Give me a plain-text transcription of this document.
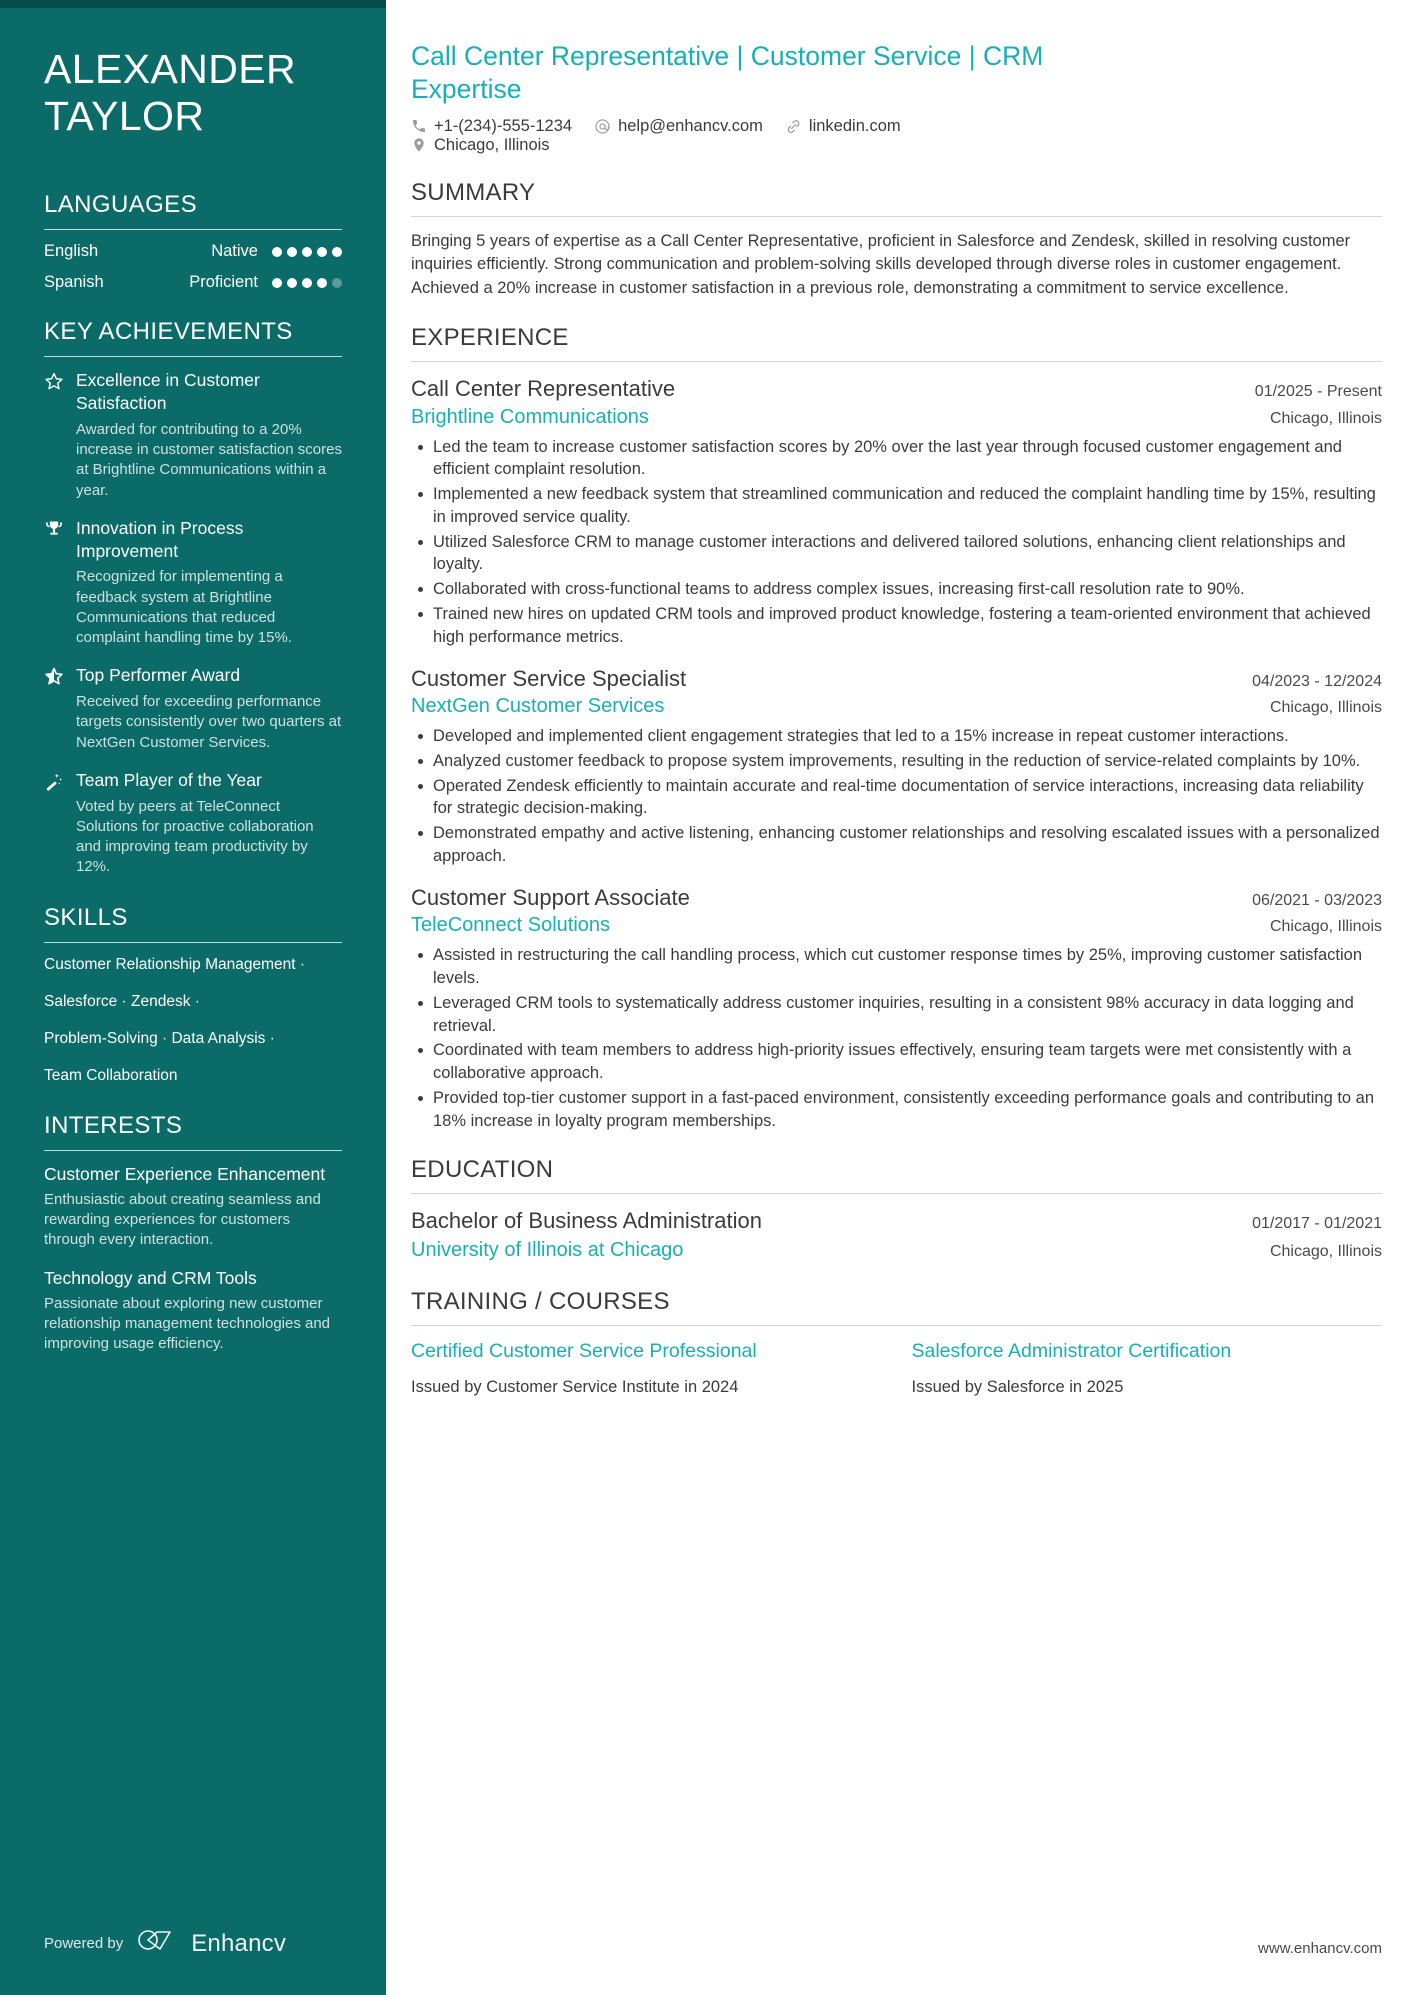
ALEXANDER TAYLOR
LANGUAGES
English	Native
Spanish	Proficient
KEY ACHIEVEMENTS
Excellence in Customer Satisfaction
Awarded for contributing to a 20% increase in customer satisfaction scores at Brightline Communications within a year.
Innovation in Process Improvement
Recognized for implementing a feedback system at Brightline Communications that reduced complaint handling time by 15%.
Top Performer Award
Received for exceeding performance targets consistently over two quarters at NextGen Customer Services.
Team Player of the Year
Voted by peers at TeleConnect Solutions for proactive collaboration and improving team productivity by 12%.
SKILLS
Customer Relationship Management ·
Salesforce · Zendesk ·
Problem-Solving · Data Analysis ·
Team Collaboration
INTERESTS
Customer Experience Enhancement
Enthusiastic about creating seamless and rewarding experiences for customers through every interaction.
Technology and CRM Tools
Passionate about exploring new customer relationship management technologies and improving usage efficiency.
Powered by	Enhancv
Call Center Representative | Customer Service | CRM Expertise
+1-(234)-555-1234	help@enhancv.com	linkedin.com
Chicago, Illinois
SUMMARY

Bringing 5 years of expertise as a Call Center Representative, proficient in Salesforce and Zendesk, skilled in resolving customer inquiries efficiently. Strong communication and problem-solving skills developed through diverse roles in customer engagement. Achieved a 20% increase in customer satisfaction in a previous role, demonstrating a commitment to service excellence.

EXPERIENCE
Call Center Representative	01/2025 - Present
Brightline Communications	Chicago, Illinois
Led the team to increase customer satisfaction scores by 20% over the last year through focused customer engagement and efficient complaint resolution.
Implemented a new feedback system that streamlined communication and reduced the complaint handling time by 15%, resulting in improved service quality.
Utilized Salesforce CRM to manage customer interactions and delivered tailored solutions, enhancing client relationships and loyalty.
Collaborated with cross-functional teams to address complex issues, increasing first-call resolution rate to 90%.
Trained new hires on updated CRM tools and improved product knowledge, fostering a team-oriented environment that achieved high performance metrics.
Customer Service Specialist	04/2023 - 12/2024
NextGen Customer Services	Chicago, Illinois
Developed and implemented client engagement strategies that led to a 15% increase in repeat customer interactions.
Analyzed customer feedback to propose system improvements, resulting in the reduction of service-related complaints by 10%.
Operated Zendesk efficiently to maintain accurate and real-time documentation of service interactions, increasing data reliability for strategic decision-making.
Demonstrated empathy and active listening, enhancing customer relationships and resolving escalated issues with a personalized approach.
Customer Support Associate	06/2021 - 03/2023
TeleConnect Solutions	Chicago, Illinois
Assisted in restructuring the call handling process, which cut customer response times by 25%, improving customer satisfaction levels.
Leveraged CRM tools to systematically address customer inquiries, resulting in a consistent 98% accuracy in data logging and retrieval.
Coordinated with team members to address high-priority issues effectively, ensuring team targets were met consistently with a collaborative approach.
Provided top-tier customer support in a fast-paced environment, consistently exceeding performance goals and contributing to an 18% increase in loyalty program memberships.
EDUCATION
Bachelor of Business Administration	01/2017 - 01/2021
University of Illinois at Chicago	Chicago, Illinois
TRAINING / COURSES
Certified Customer Service Professional
Issued by Customer Service Institute in 2024
Salesforce Administrator Certification
Issued by Salesforce in 2025
www.enhancv.com
